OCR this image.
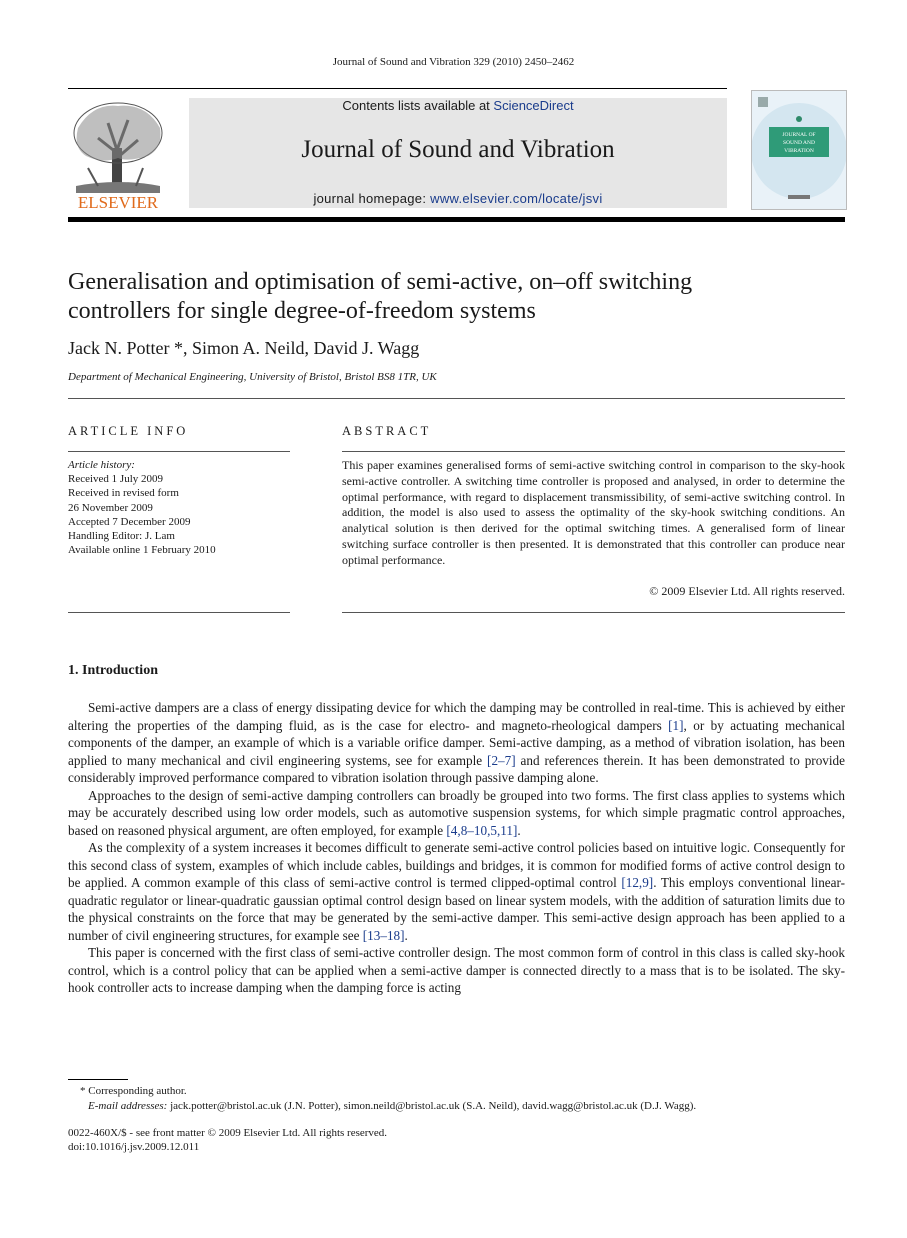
Journal of Sound and Vibration 329 (2010) 2450–2462
ELSEVIER
Contents lists available at ScienceDirect
Journal of Sound and Vibration
journal homepage: www.elsevier.com/locate/jsvi
JOURNAL OF
SOUND AND
VIBRATION
Generalisation and optimisation of semi-active, on–off switching
controllers for single degree-of-freedom systems
Jack N. Potter *, Simon A. Neild, David J. Wagg
Department of Mechanical Engineering, University of Bristol, Bristol BS8 1TR, UK
ARTICLE INFO	ABSTRACT
Article history:
Received 1 July 2009
Received in revised form
26 November 2009
Accepted 7 December 2009
Handling Editor: J. Lam
Available online 1 February 2010
This paper examines generalised forms of semi-active switching control in comparison to the sky-hook semi-active controller. A switching time controller is proposed and analysed, in order to determine the optimal performance, with regard to displacement transmissibility, of semi-active switching control. In addition, the model is also used to assess the optimality of the sky-hook switching conditions. An analytical solution is then derived for the optimal switching times. A generalised form of linear switching surface controller is then presented. It is demonstrated that this controller can produce near optimal performance.
© 2009 Elsevier Ltd. All rights reserved.
1. Introduction

Semi-active dampers are a class of energy dissipating device for which the damping may be controlled in real-time. This is achieved by either altering the properties of the damping fluid, as is the case for electro- and magneto-rheological dampers [1], or by actuating mechanical components of the damper, an example of which is a variable orifice damper. Semi-active damping, as a method of vibration isolation, has been applied to many mechanical and civil engineering systems, see for example [2–7] and references therein. It has been demonstrated to provide considerably improved performance compared to vibration isolation through passive damping alone.

Approaches to the design of semi-active damping controllers can broadly be grouped into two forms. The first class applies to systems which may be accurately described using low order models, such as automotive suspension systems, for which simple pragmatic control approaches, based on reasoned physical argument, are often employed, for example [4,8–10,5,11].

As the complexity of a system increases it becomes difficult to generate semi-active control policies based on intuitive logic. Consequently for this second class of system, examples of which include cables, buildings and bridges, it is common for modified forms of active control design to be applied. A common example of this class of semi-active control is termed clipped-optimal control [12,9]. This employs conventional linear-quadratic regulator or linear-quadratic gaussian optimal control design based on linear system models, with the addition of saturation limits due to the physical constraints on the force that may be generated by the semi-active damper. This semi-active design approach has been applied to a number of civil engineering structures, for example see [13–18].

This paper is concerned with the first class of semi-active controller design. The most common form of control in this class is called sky-hook control, which is a control policy that can be applied when a semi-active damper is connected directly to a mass that is to be isolated. The sky-hook controller acts to increase damping when the damping force is acting

* Corresponding author.
E-mail addresses: jack.potter@bristol.ac.uk (J.N. Potter), simon.neild@bristol.ac.uk (S.A. Neild), david.wagg@bristol.ac.uk (D.J. Wagg).
0022-460X/$ - see front matter © 2009 Elsevier Ltd. All rights reserved.
doi:10.1016/j.jsv.2009.12.011
